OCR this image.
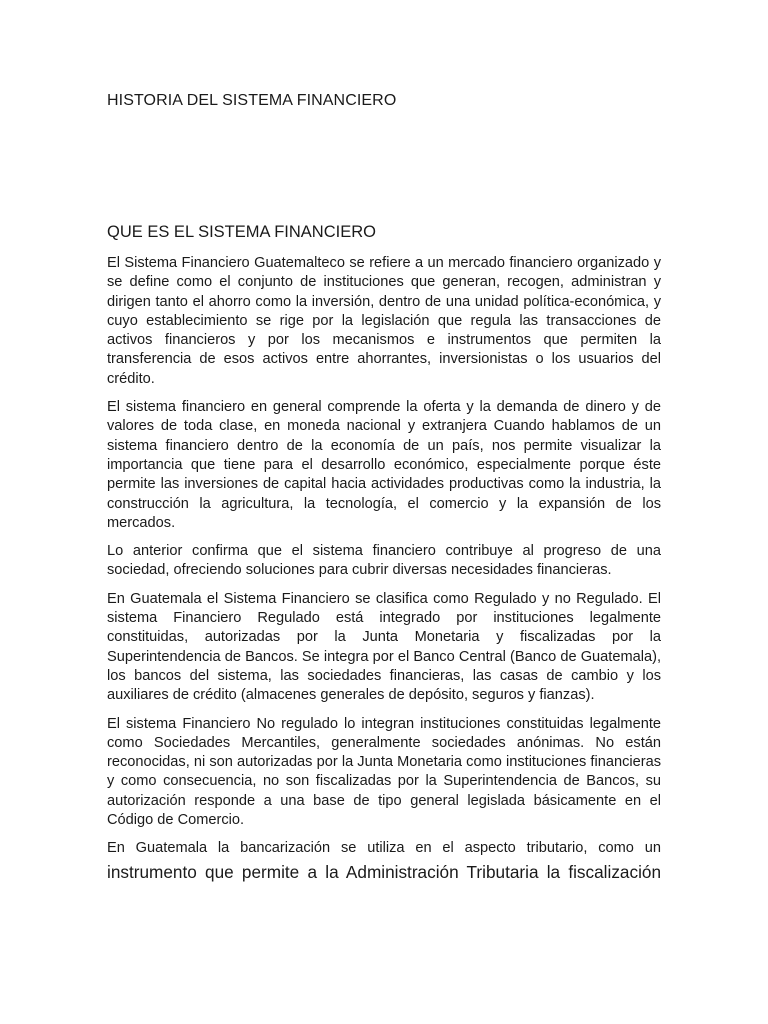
HISTORIA DEL SISTEMA FINANCIERO
QUE ES EL SISTEMA FINANCIERO

El Sistema Financiero Guatemalteco se refiere a un mercado financiero organizado y se define como el conjunto de instituciones que generan, recogen, administran y dirigen tanto el ahorro como la inversión, dentro de una unidad política-económica, y cuyo establecimiento se rige por la legislación que regula las transacciones de activos financieros y por los mecanismos e instrumentos que permiten la transferencia de esos activos entre ahorrantes, inversionistas o los usuarios del crédito.

El sistema financiero en general comprende la oferta y la demanda de dinero y de valores de toda clase, en moneda nacional y extranjera Cuando hablamos de un sistema financiero dentro de la economía de un país, nos permite visualizar la importancia que tiene para el desarrollo económico, especialmente porque éste permite las inversiones de capital hacia actividades productivas como la industria, la construcción la agricultura, la tecnología, el comercio y la expansión de los mercados.

Lo anterior confirma que el sistema financiero contribuye al progreso de una sociedad, ofreciendo soluciones para cubrir diversas necesidades financieras.

En Guatemala el Sistema Financiero se clasifica como Regulado y no Regulado. El sistema Financiero Regulado está integrado por instituciones legalmente constituidas, autorizadas por la Junta Monetaria y fiscalizadas por la Superintendencia de Bancos. Se integra por el Banco Central (Banco de Guatemala), los bancos del sistema, las sociedades financieras, las casas de cambio y los auxiliares de crédito (almacenes generales de depósito, seguros y fianzas).

El sistema Financiero No regulado lo integran instituciones constituidas legalmente como Sociedades Mercantiles, generalmente sociedades anónimas. No están reconocidas, ni son autorizadas por la Junta Monetaria como instituciones financieras y como consecuencia, no son fiscalizadas por la Superintendencia de Bancos, su autorización responde a una base de tipo general legislada básicamente en el Código de Comercio.

En Guatemala la bancarización se utiliza en el aspecto tributario, como un instrumento que permite a la Administración Tributaria la fiscalización
